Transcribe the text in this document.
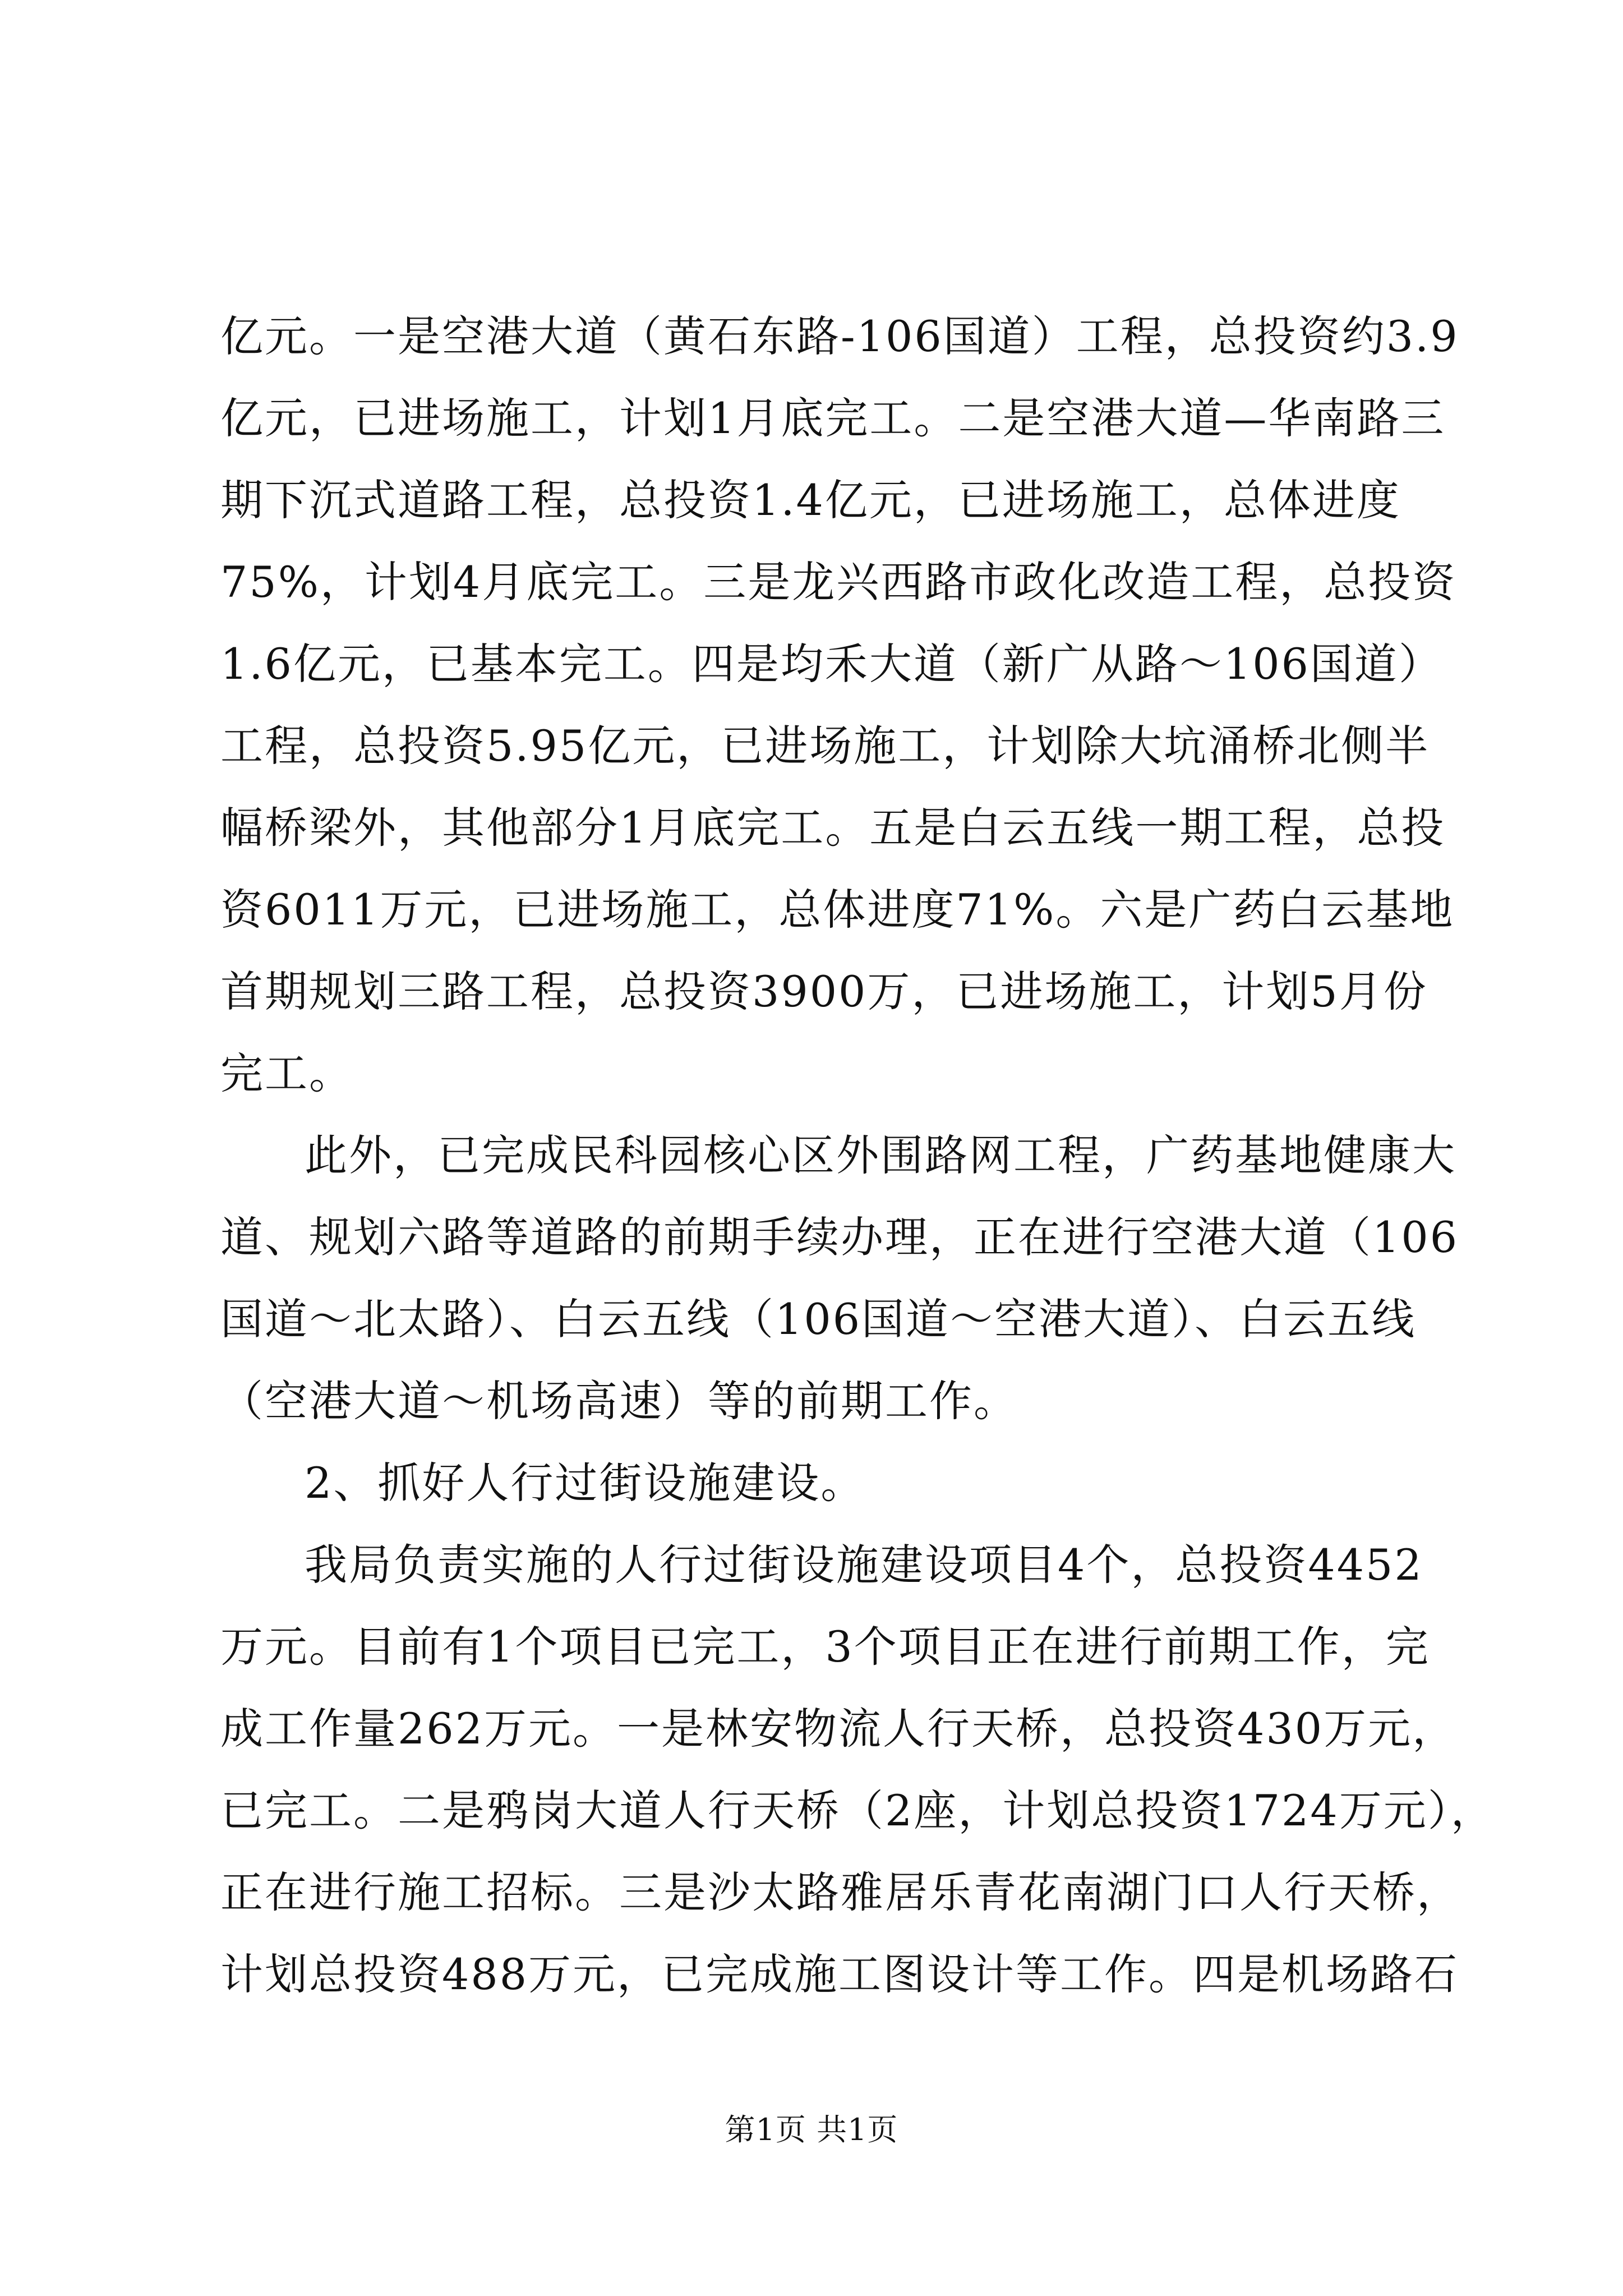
亿元。一是空港大道（黄石东路-106国道）工程，总投资约3.9
亿元，已进场施工，计划1月底完工。二是空港大道—华南路三
期下沉式道路工程，总投资1.4亿元，已进场施工，总体进度
75%，计划4月底完工。三是龙兴西路市政化改造工程，总投资
1.6亿元，已基本完工。四是均禾大道（新广从路～106国道）
工程，总投资5.95亿元，已进场施工，计划除大坑涌桥北侧半
幅桥梁外，其他部分1月底完工。五是白云五线一期工程，总投
资6011万元，已进场施工，总体进度71%。六是广药白云基地
首期规划三路工程，总投资3900万，已进场施工，计划5月份
完工。
此外，已完成民科园核心区外围路网工程，广药基地健康大
道、规划六路等道路的前期手续办理，正在进行空港大道（106
国道～北太路）、白云五线（106国道～空港大道）、白云五线
（空港大道～机场高速）等的前期工作。
2、抓好人行过街设施建设。
我局负责实施的人行过街设施建设项目4个，总投资4452
万元。目前有1个项目已完工，3个项目正在进行前期工作，完
成工作量262万元。一是林安物流人行天桥，总投资430万元，
已完工。二是鸦岗大道人行天桥（2座，计划总投资1724万元），
正在进行施工招标。三是沙太路雅居乐青花南湖门口人行天桥，
计划总投资488万元，已完成施工图设计等工作。四是机场路石
第1页 共1页
